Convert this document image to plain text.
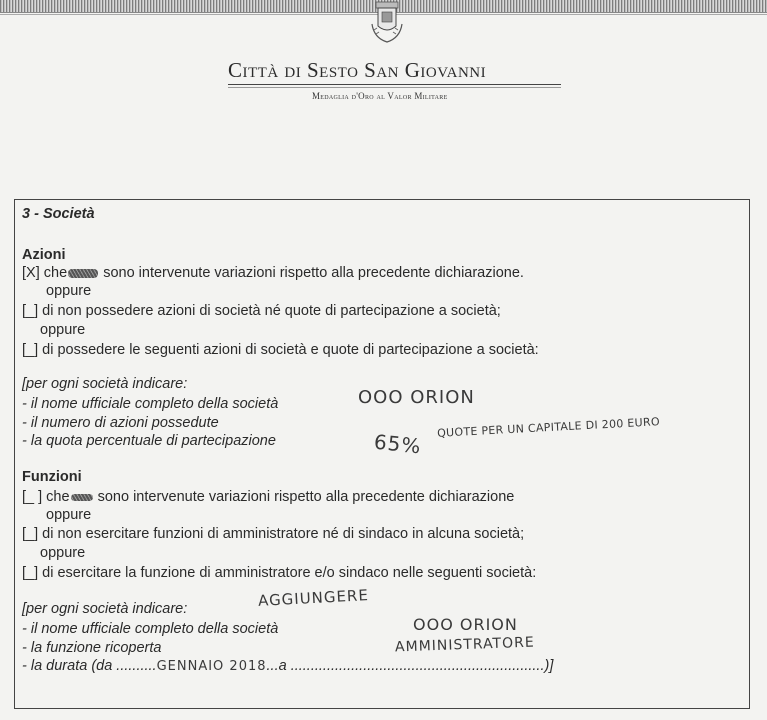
Città di Sesto San Giovanni
Medaglia d'Oro al Valor Militare
3 - Società
Azioni
[X] che sono intervenute variazioni rispetto alla precedente dichiarazione.
oppure
[_] di non possedere azioni di società né quote di partecipazione a società;
oppure
[_] di possedere le seguenti azioni di società e quote di partecipazione a società:
[per ogni società indicare:
- il nome ufficiale completo della società
- il numero di azioni possedute
- la quota percentuale di partecipazione
OOO ORION
QUOTE PER UN CAPITALE DI 200 EURO
65%
Funzioni
[_ ] che sono intervenute variazioni rispetto alla precedente dichiarazione
oppure
[_] di non esercitare funzioni di amministratore né di sindaco in alcuna società;
oppure
[_] di esercitare la funzione di amministratore e/o sindaco nelle seguenti società:
[per ogni società indicare:
- il nome ufficiale completo della società
- la funzione ricoperta
- la durata (da ..........GENNAIO 2018...a ...............................................................)]
AGGIUNGERE
OOO ORION
AMMINISTRATORE
